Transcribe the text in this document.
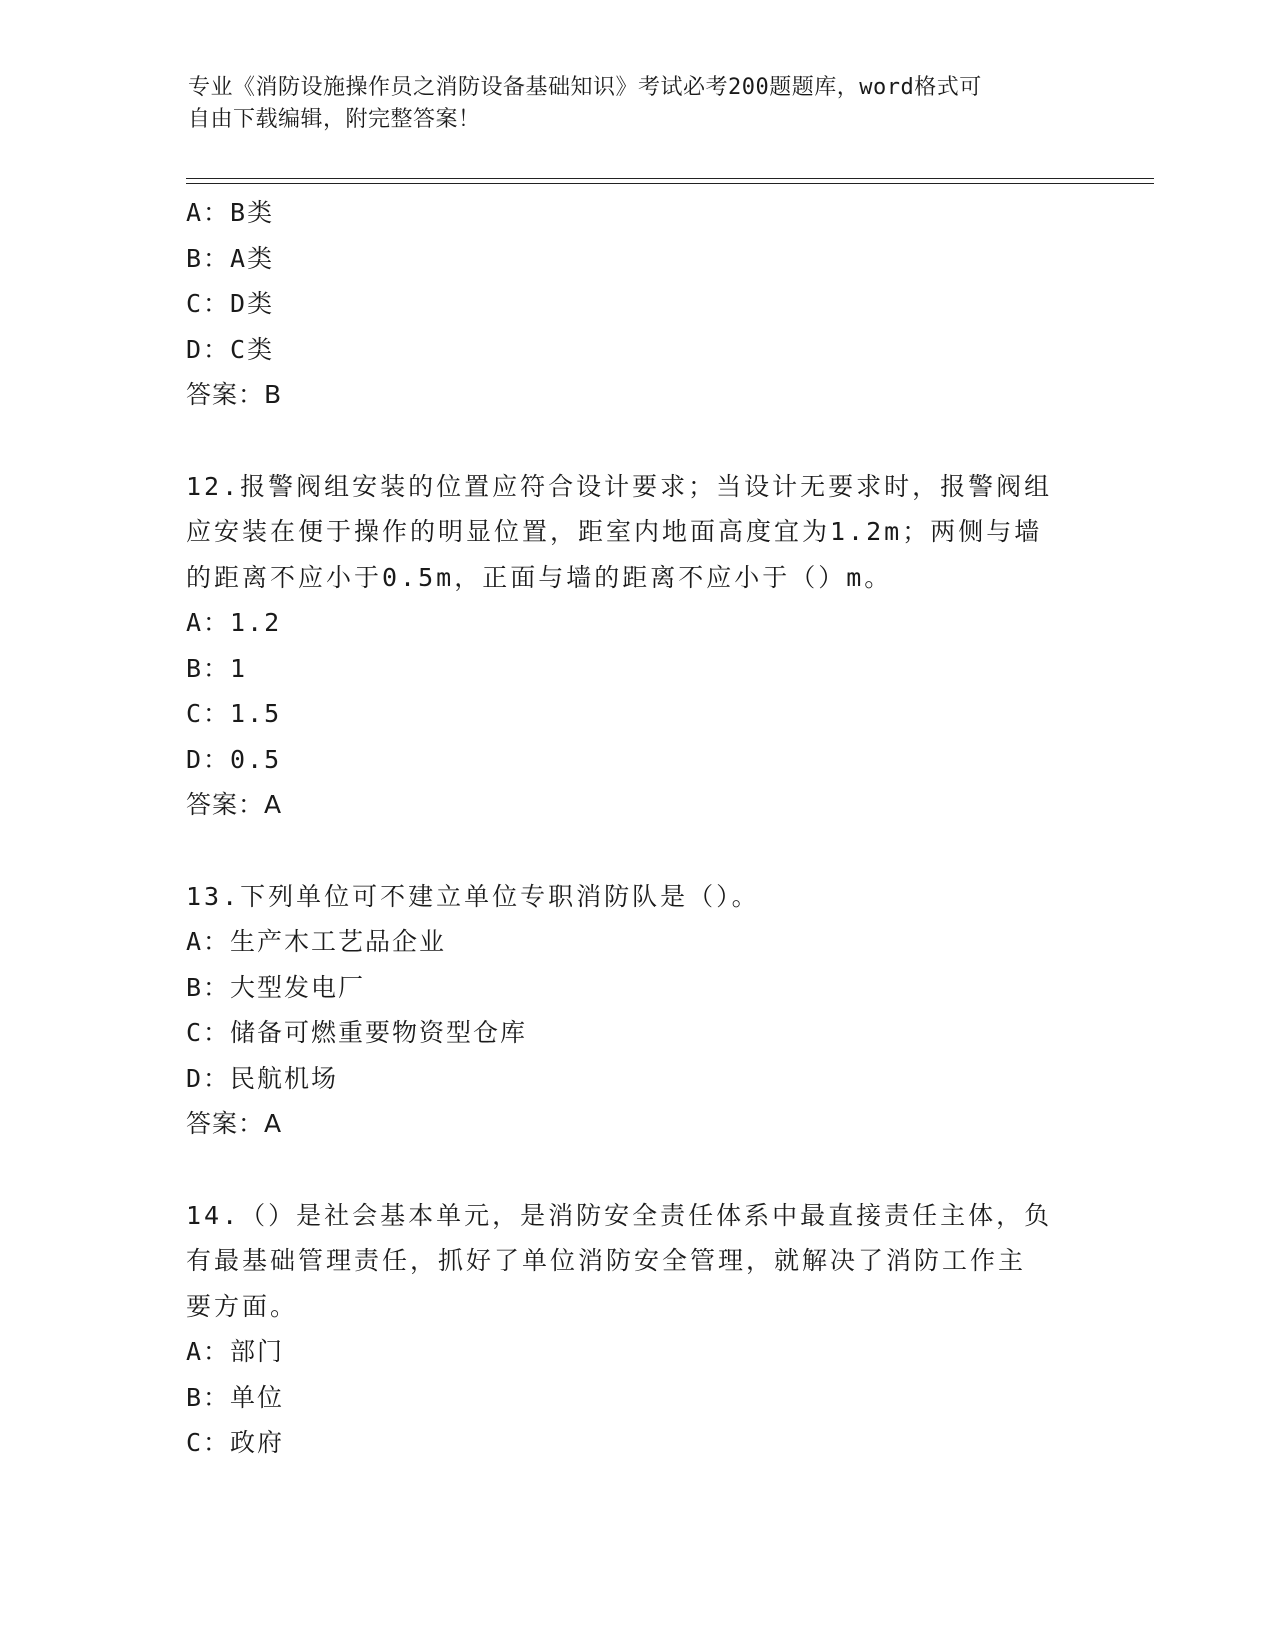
专业《消防设施操作员之消防设备基础知识》考试必考200题题库，word格式可
自由下载编辑，附完整答案！
A：B类
B：A类
C：D类
D：C类
答案：B
12.报警阀组安装的位置应符合设计要求；当设计无要求时，报警阀组
应安装在便于操作的明显位置，距室内地面高度宜为1.2m；两侧与墙
的距离不应小于0.5m，正面与墙的距离不应小于（）m。
A：1.2
B：1
C：1.5
D：0.5
答案：A
13.下列单位可不建立单位专职消防队是（）。
A：生产木工艺品企业
B：大型发电厂
C：储备可燃重要物资型仓库
D：民航机场
答案：A
14.（）是社会基本单元，是消防安全责任体系中最直接责任主体，负
有最基础管理责任，抓好了单位消防安全管理，就解决了消防工作主
要方面。
A：部门
B：单位
C：政府
